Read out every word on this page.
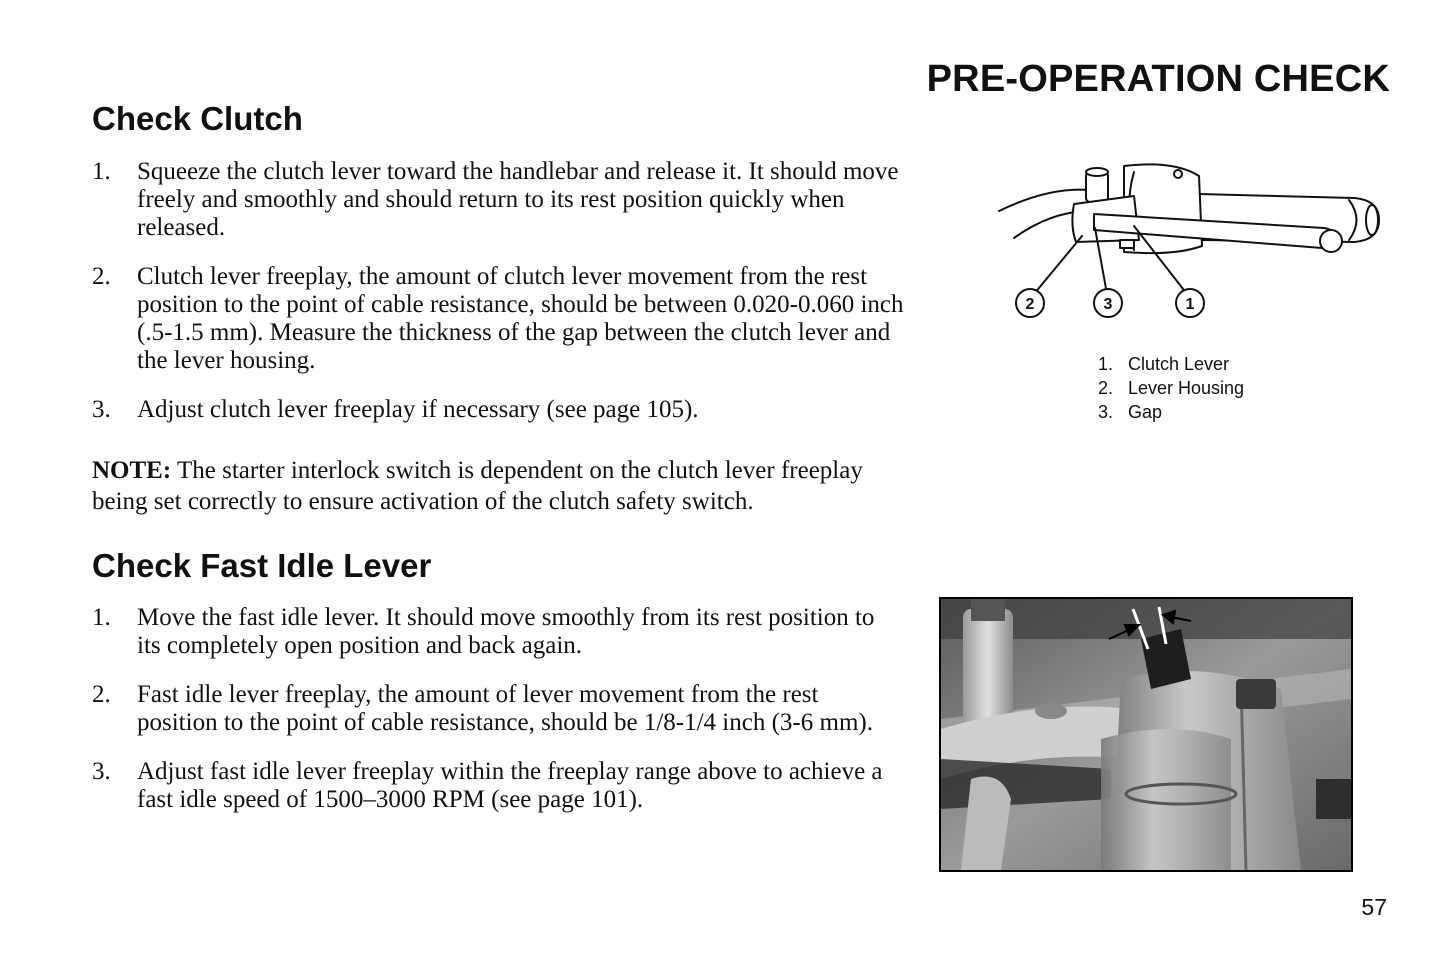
PRE-OPERATION CHECK
Check Clutch
1. Squeeze the clutch lever toward the handlebar and release it. It should move freely and smoothly and should return to its rest position quickly when released.
2. Clutch lever freeplay, the amount of clutch lever movement from the rest position to the point of cable resistance, should be between 0.020-0.060 inch (.5-1.5 mm). Measure the thickness of the gap between the clutch lever and the lever housing.
3. Adjust clutch lever freeplay if necessary (see page 105).
NOTE: The starter interlock switch is dependent on the clutch lever freeplay being set correctly to ensure activation of the clutch safety switch.
2	3	1
1. Clutch Lever
2. Lever Housing
3. Gap
Check Fast Idle Lever
1. Move the fast idle lever. It should move smoothly from its rest position to its completely open position and back again.
2. Fast idle lever freeplay, the amount of lever movement from the rest position to the point of cable resistance, should be 1/8-1/4 inch (3-6 mm).
3. Adjust fast idle lever freeplay within the freeplay range above to achieve a fast idle speed of 1500–3000 RPM (see page 101).
57
